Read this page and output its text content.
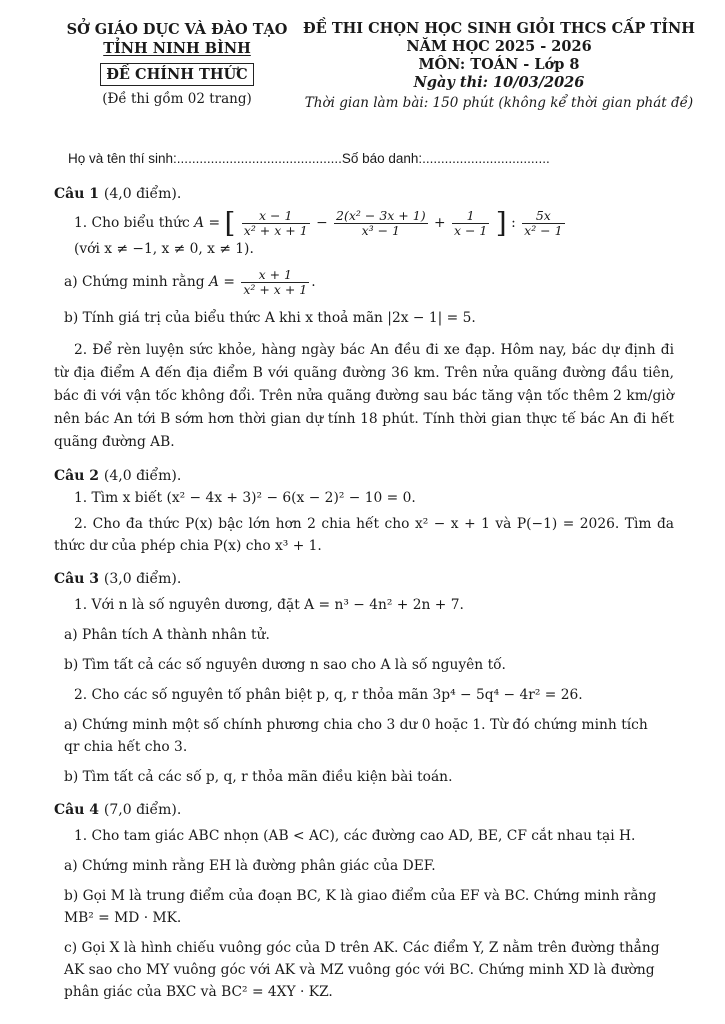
SỞ GIÁO DỤC VÀ ĐÀO TẠO
TỈNH NINH BÌNH
ĐỀ CHÍNH THỨC
(Đề thi gồm 02 trang)
ĐỀ THI CHỌN HỌC SINH GIỎI THCS CẤP TỈNH
NĂM HỌC 2025 - 2026
MÔN: TOÁN - Lớp 8
Ngày thi: 10/03/2026
Thời gian làm bài: 150 phút (không kể thời gian phát đề)
Họ và tên thí sinh:............................................Số báo danh:..................................
Câu 1 (4,0 điểm).
1. Cho biểu thức A = [ $\frac{x - 1}{\text{x² + x + 1}} - \frac{\text{2(x² − 3x + 1)}}{\text{x³ − 1}} + \frac{1}{x - 1}$ ] : $\frac{5x}{\text{x² − 1}}$
(với x ≠ −1, x ≠ 0, x ≠ 1).
a) Chứng minh rằng $A = \frac{x + 1}{\text{x² + x + 1}}$ .
b) Tính giá trị của biểu thức A khi x thoả mãn |2x − 1| = 5.
2. Để rèn luyện sức khỏe, hàng ngày bác An đều đi xe đạp. Hôm nay, bác dự định đi từ địa điểm A đến địa điểm B với quãng đường 36 km. Trên nửa quãng đường đầu tiên, bác đi với vận tốc không đổi. Trên nửa quãng đường sau bác tăng vận tốc thêm 2 km/giờ nên bác An tới B sớm hơn thời gian dự tính 18 phút. Tính thời gian thực tế bác An đi hết quãng đường AB.
Câu 2 (4,0 điểm).
1. Tìm x biết (x² − 4x + 3)² − 6(x − 2)² − 10 = 0.
2. Cho đa thức P(x) bậc lớn hơn 2 chia hết cho x² − x + 1 và P(−1) = 2026. Tìm đa thức dư của phép chia P(x) cho x³ + 1.
Câu 3 (3,0 điểm).
1. Với n là số nguyên dương, đặt A = n³ − 4n² + 2n + 7.
a) Phân tích A thành nhân tử.
b) Tìm tất cả các số nguyên dương n sao cho A là số nguyên tố.
2. Cho các số nguyên tố phân biệt p, q, r thỏa mãn 3p⁴ − 5q⁴ − 4r² = 26.
a) Chứng minh một số chính phương chia cho 3 dư 0 hoặc 1. Từ đó chứng minh tích qr chia hết cho 3.
b) Tìm tất cả các số p, q, r thỏa mãn điều kiện bài toán.
Câu 4 (7,0 điểm).
1. Cho tam giác ABC nhọn (AB < AC), các đường cao AD, BE, CF cắt nhau tại H.
a) Chứng minh rằng EH là đường phân giác của DEF.
b) Gọi M là trung điểm của đoạn BC, K là giao điểm của EF và BC. Chứng minh rằng MB² = MD · MK.
c) Gọi X là hình chiếu vuông góc của D trên AK. Các điểm Y, Z nằm trên đường thẳng AK sao cho MY vuông góc với AK và MZ vuông góc với BC. Chứng minh XD là đường phân giác của BXC và BC² = 4XY · KZ.
